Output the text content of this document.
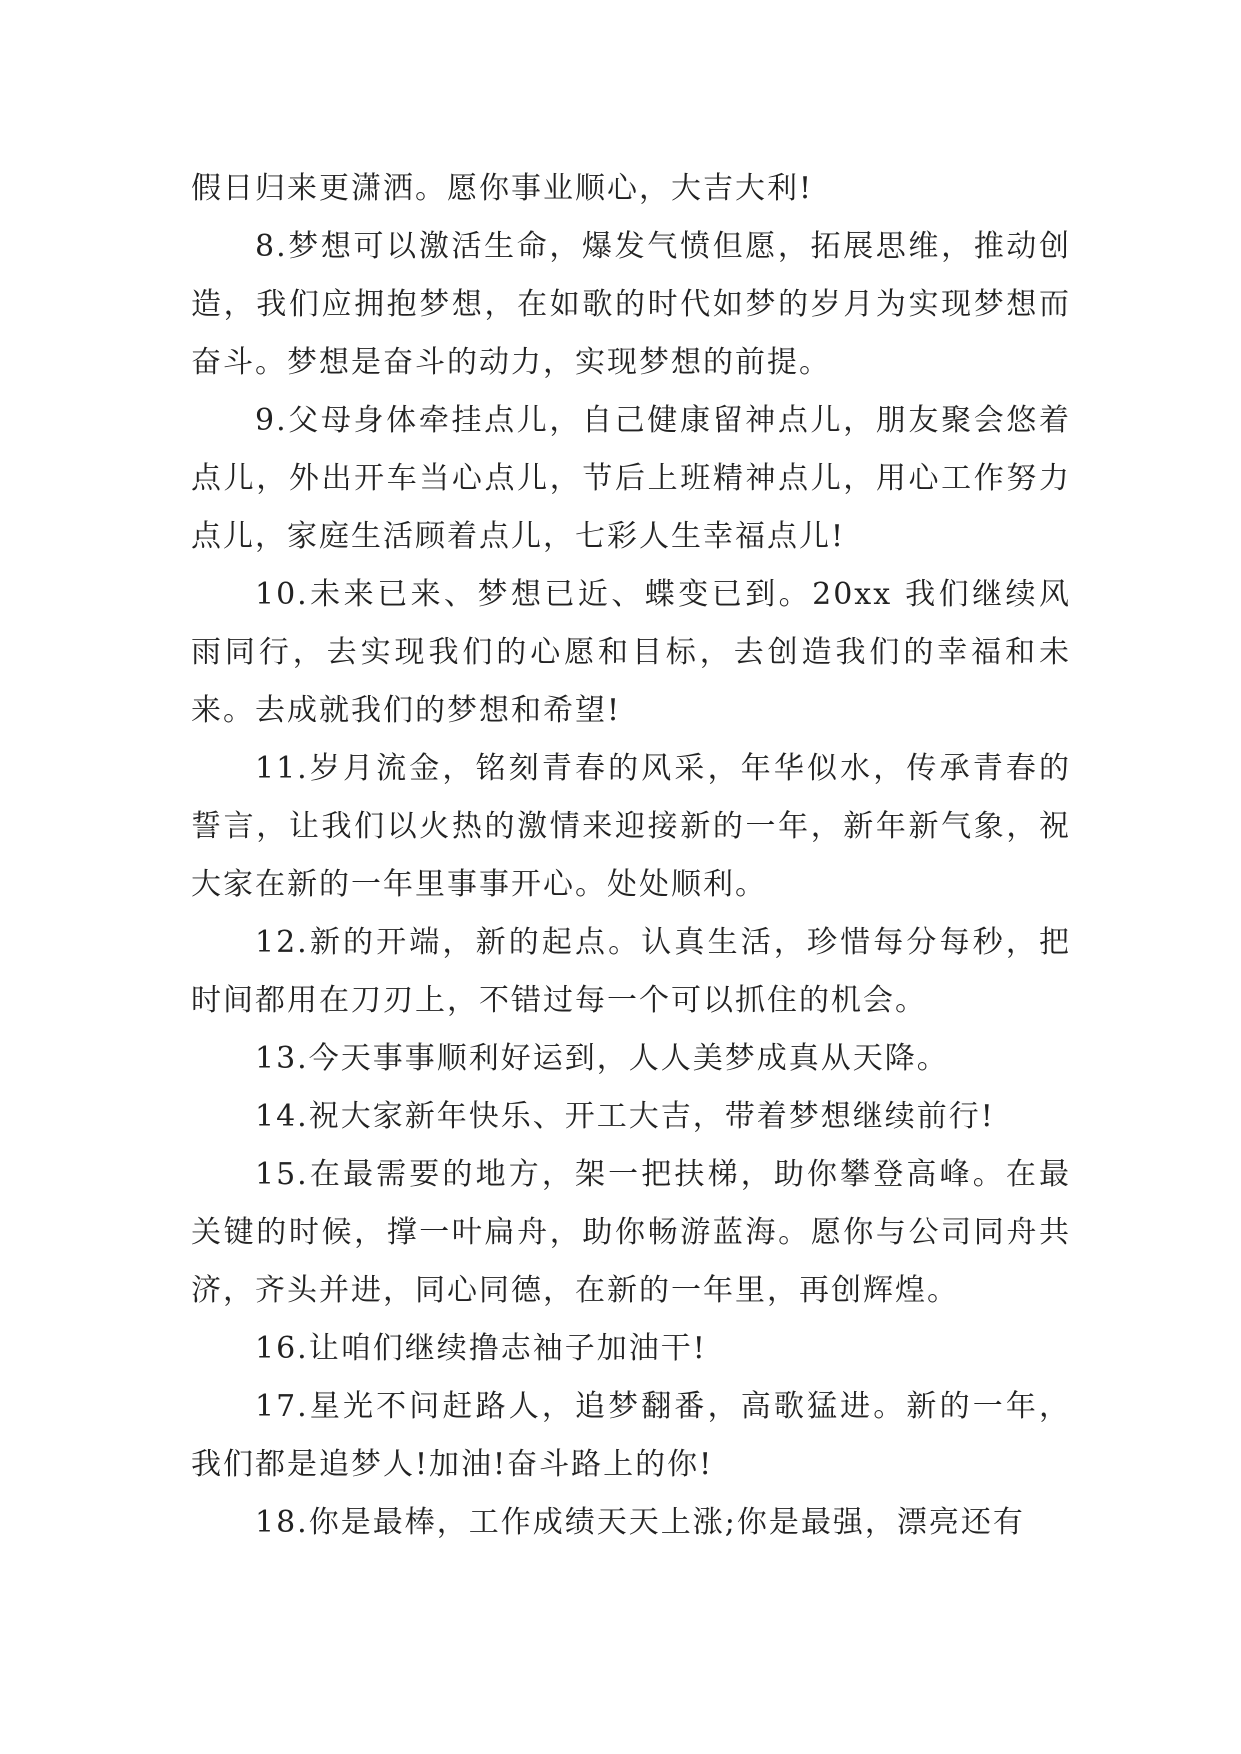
假日归来更潇洒。愿你事业顺心，大吉大利!

8.梦想可以激活生命，爆发气愤但愿，拓展思维，推动创造，我们应拥抱梦想，在如歌的时代如梦的岁月为实现梦想而奋斗。梦想是奋斗的动力，实现梦想的前提。

9.父母身体牵挂点儿，自己健康留神点儿，朋友聚会悠着点儿，外出开车当心点儿，节后上班精神点儿，用心工作努力点儿，家庭生活顾着点儿，七彩人生幸福点儿!

10.未来已来、梦想已近、蝶变已到。20xx 我们继续风雨同行，去实现我们的心愿和目标，去创造我们的幸福和未来。去成就我们的梦想和希望!

11.岁月流金，铭刻青春的风采，年华似水，传承青春的誓言，让我们以火热的激情来迎接新的一年，新年新气象，祝大家在新的一年里事事开心。处处顺利。

12.新的开端，新的起点。认真生活，珍惜每分每秒，把时间都用在刀刃上，不错过每一个可以抓住的机会。

13.今天事事顺利好运到，人人美梦成真从天降。

14.祝大家新年快乐、开工大吉，带着梦想继续前行!

15.在最需要的地方，架一把扶梯，助你攀登高峰。在最关键的时候，撑一叶扁舟，助你畅游蓝海。愿你与公司同舟共济，齐头并进，同心同德，在新的一年里，再创辉煌。

16.让咱们继续撸志袖子加油干!

17.星光不问赶路人，追梦翻番，高歌猛进。新的一年，我们都是追梦人!加油!奋斗路上的你!

18.你是最棒，工作成绩天天上涨;你是最强，漂亮还有
